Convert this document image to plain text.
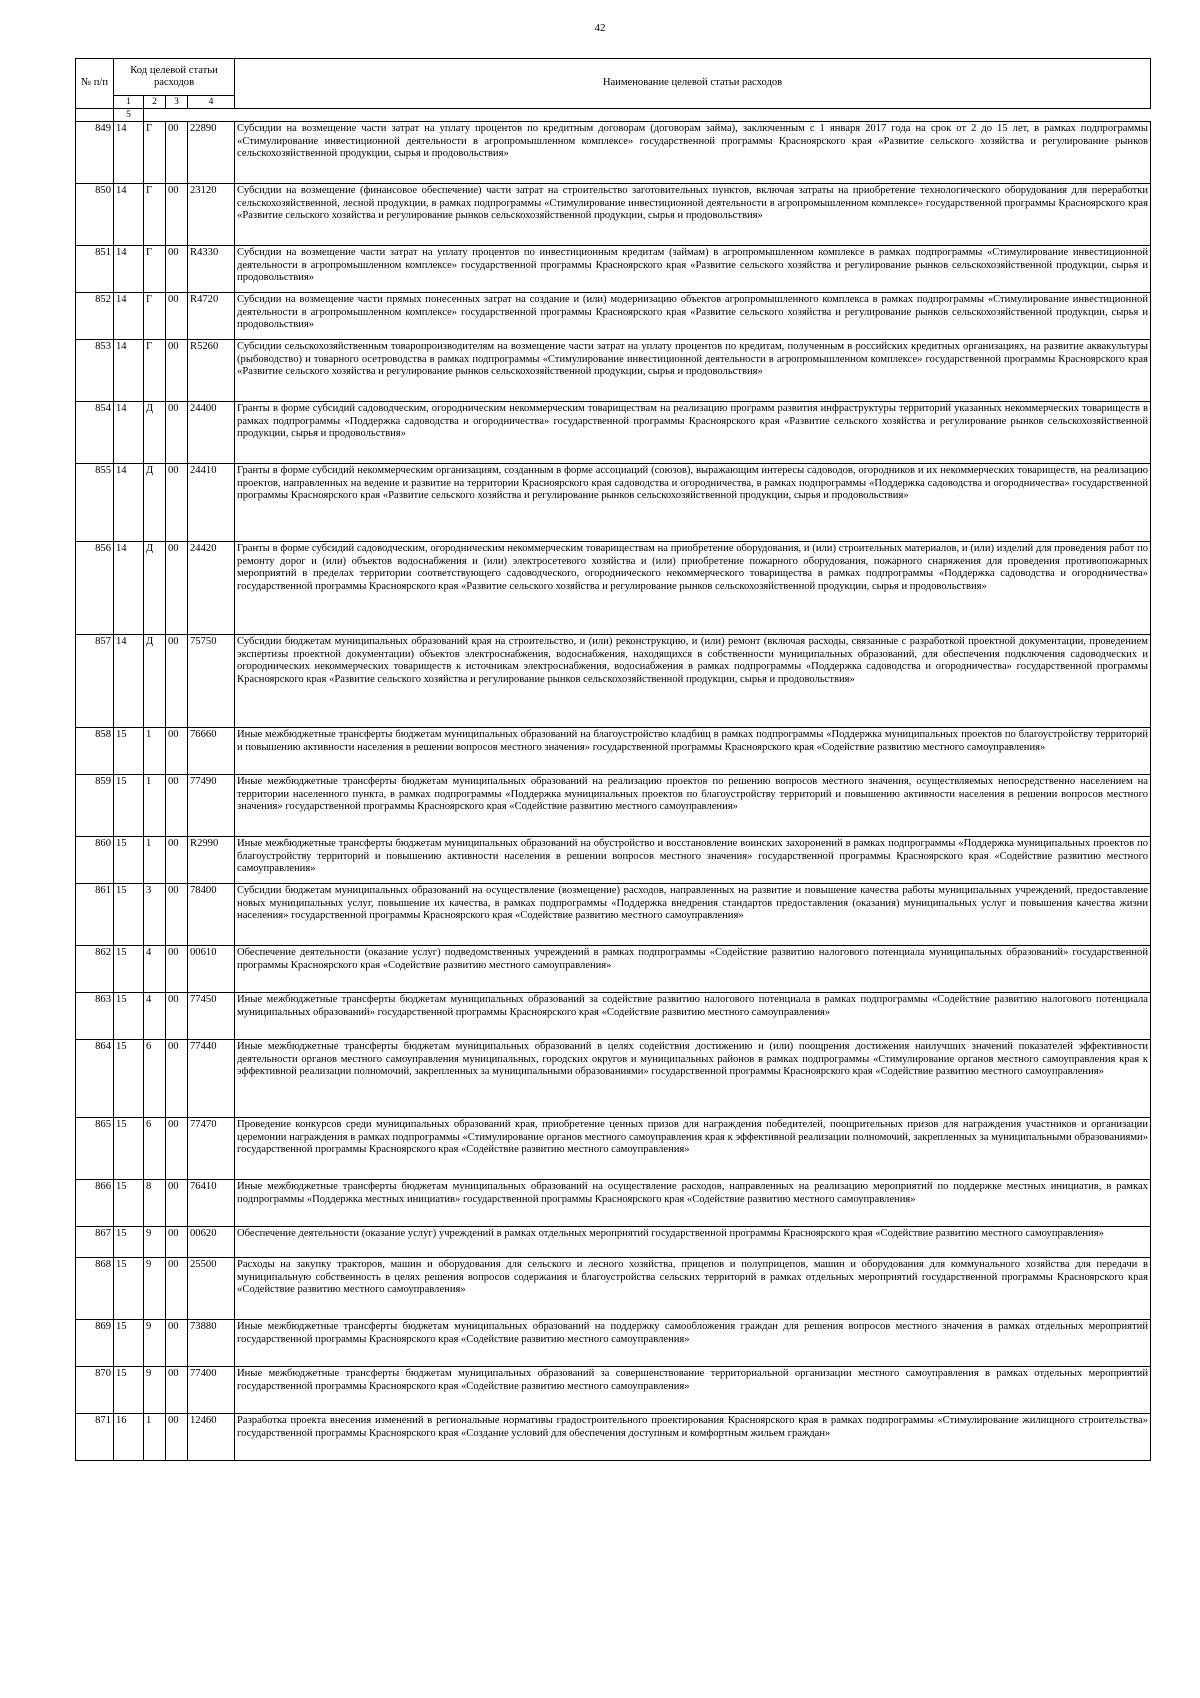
42
№ п/п	Код целевой статьи расходов				Наименование целевой статьи расходов
	1	2	3	4	
	5				
849	14	Г	00	22890	Субсидии на возмещение части затрат на уплату процентов по кредитным договорам (договорам займа), заключенным с 1 января 2017 года на срок от 2 до 15 лет, в рамках подпрограммы «Стимулирование инвестиционной деятельности в агропромышленном комплексе» государственной программы Красноярского края «Развитие сельского хозяйства и регулирование рынков сельскохозяйственной продукции, сырья и продовольствия»
850	14	Г	00	23120	Субсидии на возмещение (финансовое обеспечение) части затрат на строительство заготовительных пунктов, включая затраты на приобретение технологического оборудования для переработки сельскохозяйственной, лесной продукции, в рамках подпрограммы «Стимулирование инвестиционной деятельности в агропромышленном комплексе» государственной программы Красноярского края «Развитие сельского хозяйства и регулирование рынков сельскохозяйственной продукции, сырья и продовольствия»
851	14	Г	00	R4330	Субсидии на возмещение части затрат на уплату процентов по инвестиционным кредитам (займам) в агропромышленном комплексе в рамках подпрограммы «Стимулирование инвестиционной деятельности в агропромышленном комплексе» государственной программы Красноярского края «Развитие сельского хозяйства и регулирование рынков сельскохозяйственной продукции, сырья и продовольствия»
852	14	Г	00	R4720	Субсидии на возмещение части прямых понесенных затрат на создание и (или) модернизацию объектов агропромышленного комплекса в рамках подпрограммы «Стимулирование инвестиционной деятельности в агропромышленном комплексе» государственной программы Красноярского края «Развитие сельского хозяйства и регулирование рынков сельскохозяйственной продукции, сырья и продовольствия»
853	14	Г	00	R5260	Субсидии сельскохозяйственным товаропроизводителям на возмещение части затрат на уплату процентов по кредитам, полученным в российских кредитных организациях, на развитие аквакультуры (рыбоводство) и товарного осетроводства в рамках подпрограммы «Стимулирование инвестиционной деятельности в агропромышленном комплексе» государственной программы Красноярского края «Развитие сельского хозяйства и регулирование рынков сельскохозяйственной продукции, сырья и продовольствия»
854	14	Д	00	24400	Гранты в форме субсидий садоводческим, огородническим некоммерческим товариществам на реализацию программ развития инфраструктуры территорий указанных некоммерческих товариществ в рамках подпрограммы «Поддержка садоводства и огородничества» государственной программы Красноярского края «Развитие сельского хозяйства и регулирование рынков сельскохозяйственной продукции, сырья и продовольствия»
855	14	Д	00	24410	Гранты в форме субсидий некоммерческим организациям, созданным в форме ассоциаций (союзов), выражающим интересы садоводов, огородников и их некоммерческих товариществ, на реализацию проектов, направленных на ведение и развитие на территории Красноярского края садоводства и огородничества, в рамках подпрограммы «Поддержка садоводства и огородничества» государственной программы Красноярского края «Развитие сельского хозяйства и регулирование рынков сельскохозяйственной продукции, сырья и продовольствия»
856	14	Д	00	24420	Гранты в форме субсидий садоводческим, огородническим некоммерческим товариществам на приобретение оборудования, и (или) строительных материалов, и (или) изделий для проведения работ по ремонту дорог и (или) объектов водоснабжения и (или) электросетевого хозяйства и (или) приобретение пожарного оборудования, пожарного снаряжения для проведения противопожарных мероприятий в пределах территории соответствующего садоводческого, огороднического некоммерческого товарищества в рамках подпрограммы «Поддержка садоводства и огородничества» государственной программы Красноярского края «Развитие сельского хозяйства и регулирование рынков сельскохозяйственной продукции, сырья и продовольствия»
857	14	Д	00	75750	Субсидии бюджетам муниципальных образований края на строительство, и (или) реконструкцию, и (или) ремонт (включая расходы, связанные с разработкой проектной документации, проведением экспертизы проектной документации) объектов электроснабжения, водоснабжения, находящихся в собственности муниципальных образований, для обеспечения подключения садоводческих и огороднических некоммерческих товариществ к источникам электроснабжения, водоснабжения в рамках подпрограммы «Поддержка садоводства и огородничества» государственной программы Красноярского края «Развитие сельского хозяйства и регулирование рынков сельскохозяйственной продукции, сырья и продовольствия»
858	15	1	00	76660	Иные межбюджетные трансферты бюджетам муниципальных образований на благоустройство кладбищ в рамках подпрограммы «Поддержка муниципальных проектов по благоустройству территорий и повышению активности населения в решении вопросов местного значения» государственной программы Красноярского края «Содействие развитию местного самоуправления»
859	15	1	00	77490	Иные межбюджетные трансферты бюджетам муниципальных образований на реализацию проектов по решению вопросов местного значения, осуществляемых непосредственно населением на территории населенного пункта, в рамках подпрограммы «Поддержка муниципальных проектов по благоустройству территорий и повышению активности населения в решении вопросов местного значения» государственной программы Красноярского края «Содействие развитию местного самоуправления»
860	15	1	00	R2990	Иные межбюджетные трансферты бюджетам муниципальных образований на обустройство и восстановление воинских захоронений в рамках подпрограммы «Поддержка муниципальных проектов по благоустройству территорий и повышению активности населения в решении вопросов местного значения» государственной программы Красноярского края «Содействие развитию местного самоуправления»
861	15	3	00	78400	Субсидии бюджетам муниципальных образований на осуществление (возмещение) расходов, направленных на развитие и повышение качества работы муниципальных учреждений, предоставление новых муниципальных услуг, повышение их качества, в рамках подпрограммы «Поддержка внедрения стандартов предоставления (оказания) муниципальных услуг и повышения качества жизни населения» государственной программы Красноярского края «Содействие развитию местного самоуправления»
862	15	4	00	00610	Обеспечение деятельности (оказание услуг) подведомственных учреждений в рамках подпрограммы «Содействие развитию налогового потенциала муниципальных образований» государственной программы Красноярского края «Содействие развитию местного самоуправления»
863	15	4	00	77450	Иные межбюджетные трансферты бюджетам муниципальных образований за содействие развитию налогового потенциала в рамках подпрограммы «Содействие развитию налогового потенциала муниципальных образований» государственной программы Красноярского края «Содействие развитию местного самоуправления»
864	15	6	00	77440	Иные межбюджетные трансферты бюджетам муниципальных образований в целях содействия достижению и (или) поощрения достижения наилучших значений показателей эффективности деятельности органов местного самоуправления муниципальных, городских округов и муниципальных районов в рамках подпрограммы «Стимулирование органов местного самоуправления края к эффективной реализации полномочий, закрепленных за муниципальными образованиями» государственной программы Красноярского края «Содействие развитию местного самоуправления»
865	15	6	00	77470	Проведение конкурсов среди муниципальных образований края, приобретение ценных призов для награждения победителей, поощрительных призов для награждения участников и организации церемонии награждения в рамках подпрограммы «Стимулирование органов местного самоуправления края к эффективной реализации полномочий, закрепленных за муниципальными образованиями» государственной программы Красноярского края «Содействие развитию местного самоуправления»
866	15	8	00	76410	Иные межбюджетные трансферты бюджетам муниципальных образований на осуществление расходов, направленных на реализацию мероприятий по поддержке местных инициатив, в рамках подпрограммы «Поддержка местных инициатив» государственной программы Красноярского края «Содействие развитию местного самоуправления»
867	15	9	00	00620	Обеспечение деятельности (оказание услуг) учреждений в рамках отдельных мероприятий государственной программы Красноярского края «Содействие развитию местного самоуправления»
868	15	9	00	25500	Расходы на закупку тракторов, машин и оборудования для сельского и лесного хозяйства, прицепов и полуприцепов, машин и оборудования для коммунального хозяйства для передачи в муниципальную собственность в целях решения вопросов содержания и благоустройства сельских территорий в рамках отдельных мероприятий государственной программы Красноярского края «Содействие развитию местного самоуправления»
869	15	9	00	73880	Иные межбюджетные трансферты бюджетам муниципальных образований на поддержку самообложения граждан для решения вопросов местного значения в рамках отдельных мероприятий государственной программы Красноярского края «Содействие развитию местного самоуправления»
870	15	9	00	77400	Иные межбюджетные трансферты бюджетам муниципальных образований за совершенствование территориальной организации местного самоуправления в рамках отдельных мероприятий государственной программы Красноярского края «Содействие развитию местного самоуправления»
871	16	1	00	12460	Разработка проекта внесения изменений в региональные нормативы градостроительного проектирования Красноярского края в рамках подпрограммы «Стимулирование жилищного строительства» государственной программы Красноярского края «Создание условий для обеспечения доступным и комфортным жильем граждан»
